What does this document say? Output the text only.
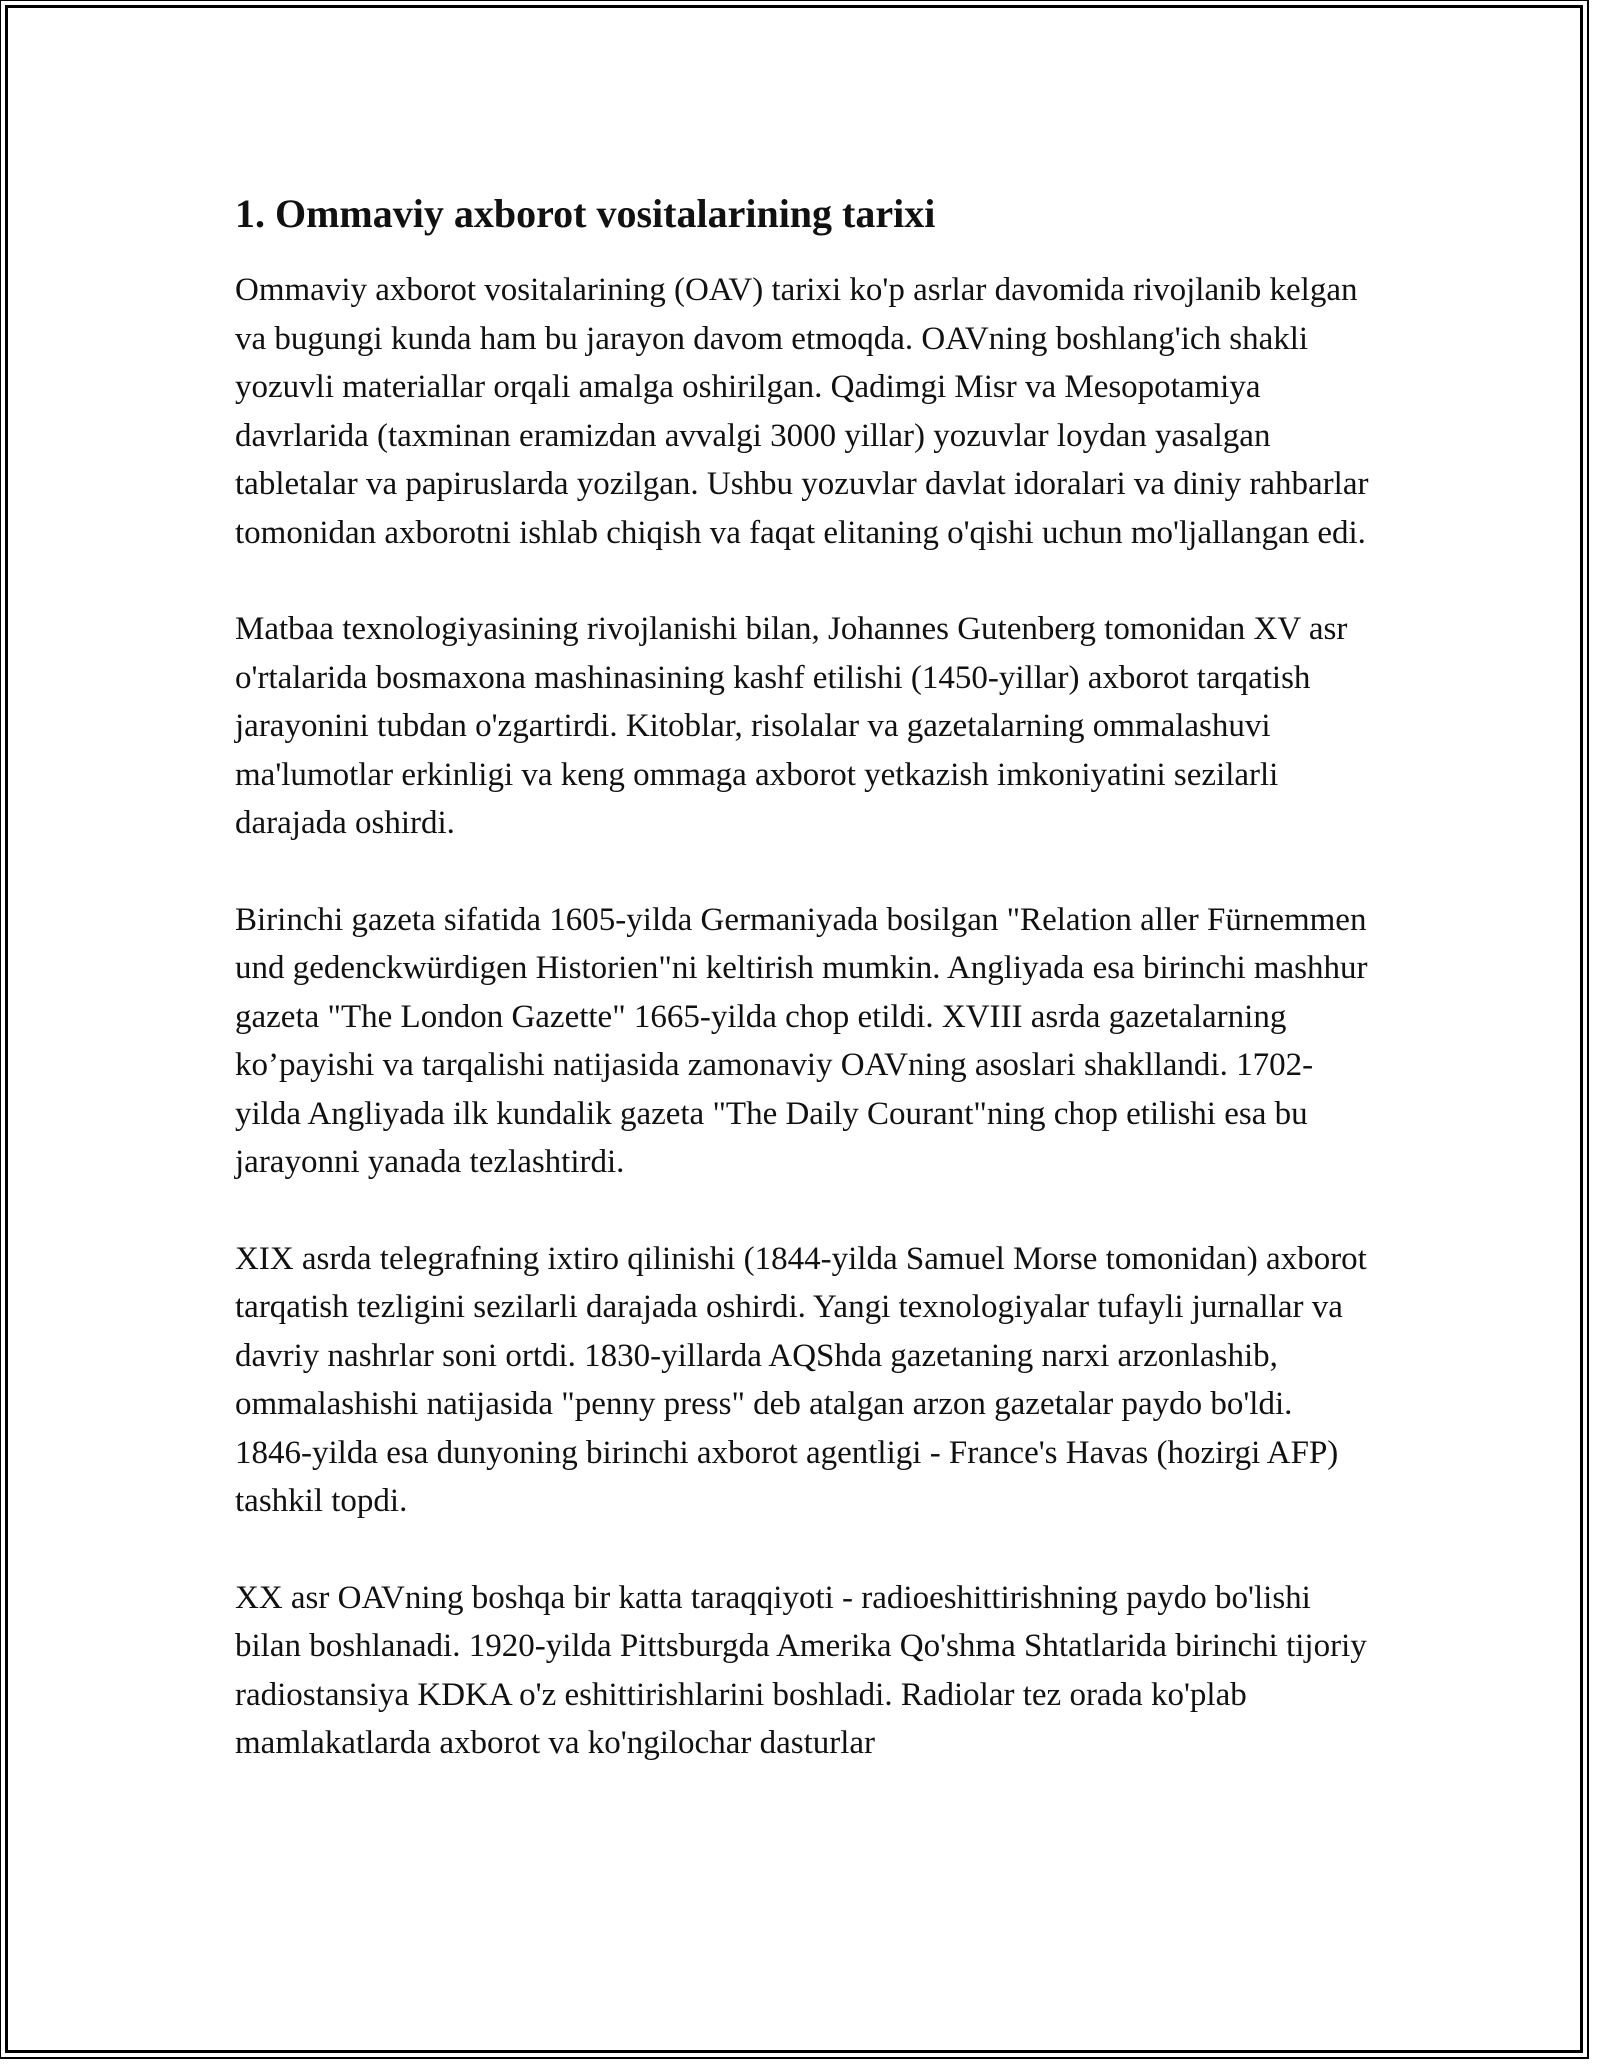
1. Ommaviy axborot vositalarining tarixi

Ommaviy axborot vositalarining (OAV) tarixi ko'p asrlar davomida rivojlanib kelgan va bugungi kunda ham bu jarayon davom etmoqda. OAVning boshlang'ich shakli yozuvli materiallar orqali amalga oshirilgan. Qadimgi Misr va Mesopotamiya davrlarida (taxminan eramizdan avvalgi 3000 yillar) yozuvlar loydan yasalgan tabletalar va papiruslarda yozilgan. Ushbu yozuvlar davlat idoralari va diniy rahbarlar tomonidan axborotni ishlab chiqish va faqat elitaning o'qishi uchun mo'ljallangan edi.

Matbaa texnologiyasining rivojlanishi bilan, Johannes Gutenberg tomonidan XV asr o'rtalarida bosmaxona mashinasining kashf etilishi (1450-yillar) axborot tarqatish jarayonini tubdan o'zgartirdi. Kitoblar, risolalar va gazetalarning ommalashuvi ma'lumotlar erkinligi va keng ommaga axborot yetkazish imkoniyatini sezilarli darajada oshirdi.

Birinchi gazeta sifatida 1605-yilda Germaniyada bosilgan "Relation aller Fürnemmen und gedenckwürdigen Historien"ni keltirish mumkin. Angliyada esa birinchi mashhur gazeta "The London Gazette" 1665-yilda chop etildi. XVIII asrda gazetalarning ko’payishi va tarqalishi natijasida zamonaviy OAVning asoslari shakllandi. 1702-yilda Angliyada ilk kundalik gazeta "The Daily Courant"ning chop etilishi esa bu jarayonni yanada tezlashtirdi.

XIX asrda telegrafning ixtiro qilinishi (1844-yilda Samuel Morse tomonidan) axborot tarqatish tezligini sezilarli darajada oshirdi. Yangi texnologiyalar tufayli jurnallar va davriy nashrlar soni ortdi. 1830-yillarda AQShda gazetaning narxi arzonlashib, ommalashishi natijasida "penny press" deb atalgan arzon gazetalar paydo bo'ldi. 1846-yilda esa dunyoning birinchi axborot agentligi - France's Havas (hozirgi AFP) tashkil topdi.

XX asr OAVning boshqa bir katta taraqqiyoti - radioeshittirishning paydo bo'lishi bilan boshlanadi. 1920-yilda Pittsburgda Amerika Qo'shma Shtatlarida birinchi tijoriy radiostansiya KDKA o'z eshittirishlarini boshladi. Radiolar tez orada ko'plab mamlakatlarda axborot va ko'ngilochar dasturlar
